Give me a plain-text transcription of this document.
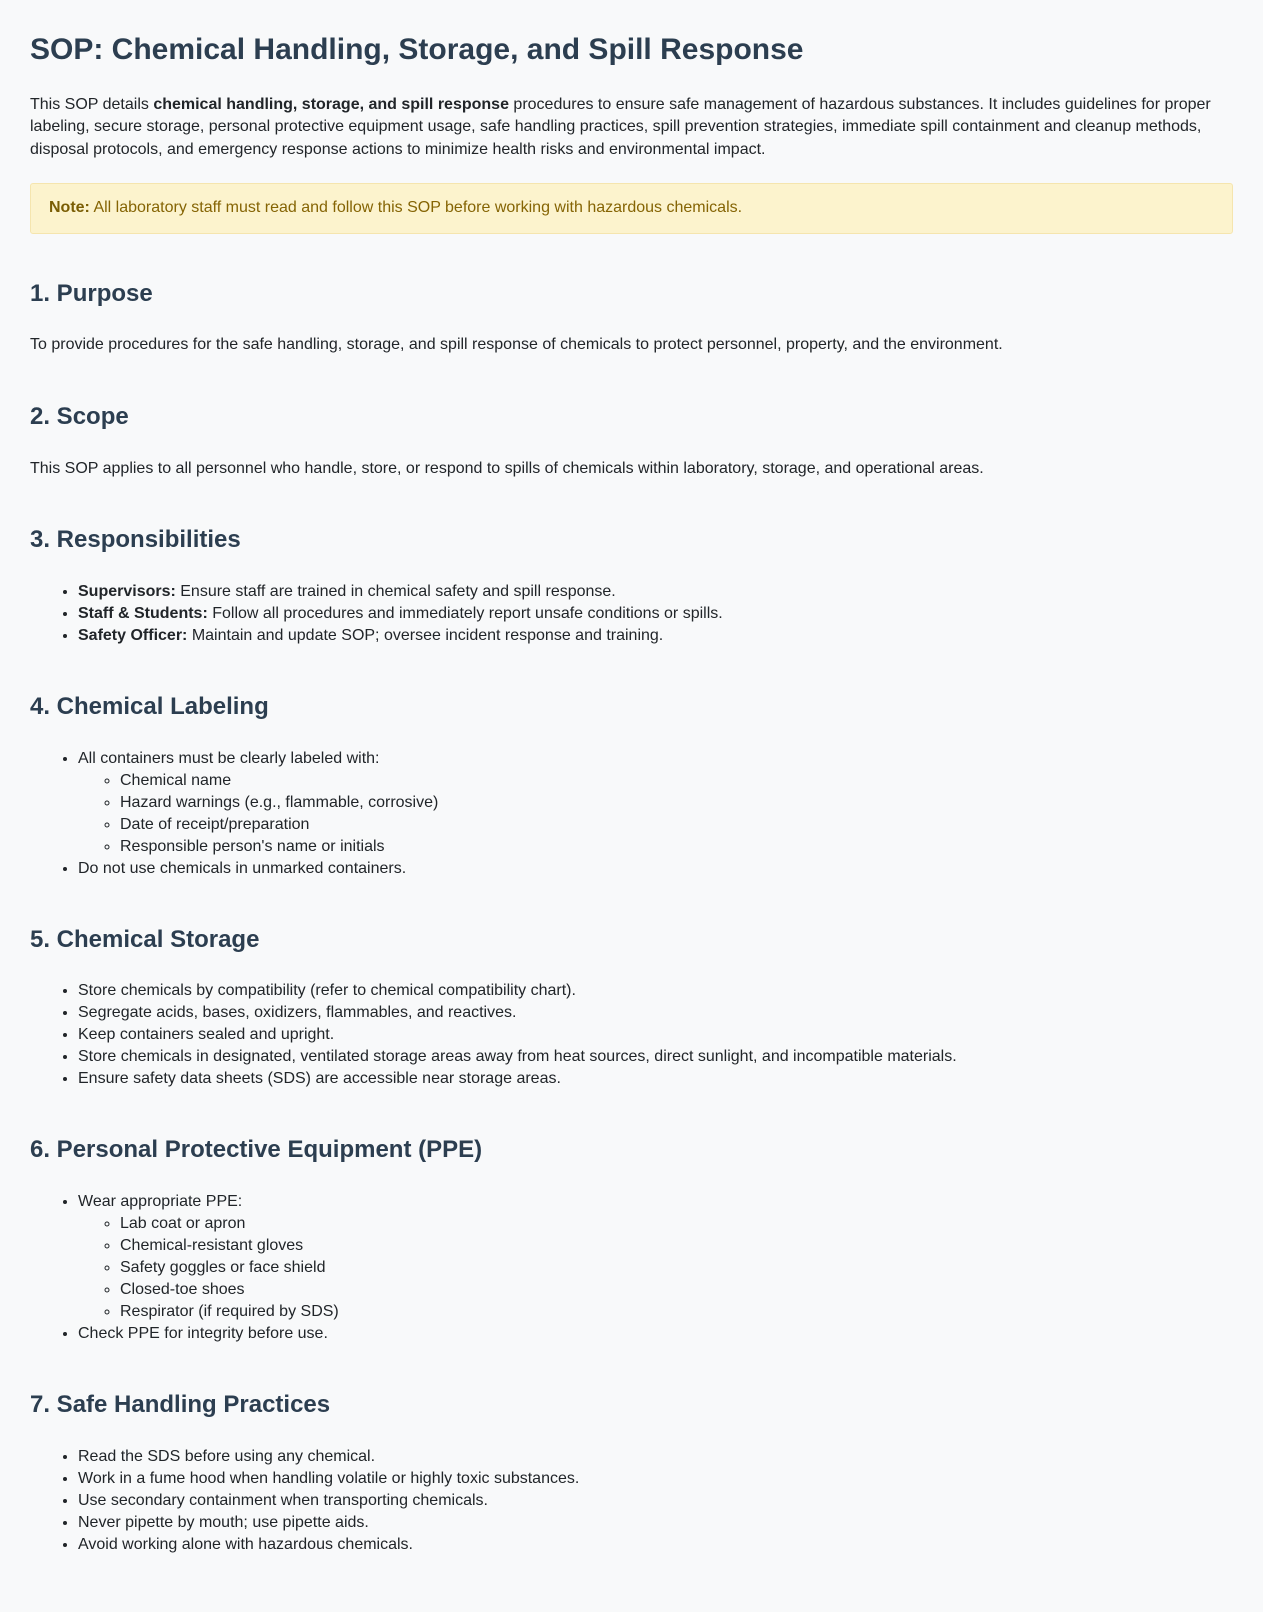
SOP: Chemical Handling, Storage, and Spill Response

This SOP details chemical handling, storage, and spill response procedures to ensure safe management of hazardous substances. It includes guidelines for proper labeling, secure storage, personal protective equipment usage, safe handling practices, spill prevention strategies, immediate spill containment and cleanup methods, disposal protocols, and emergency response actions to minimize health risks and environmental impact.

Note: All laboratory staff must read and follow this SOP before working with hazardous chemicals.
1. Purpose

To provide procedures for the safe handling, storage, and spill response of chemicals to protect personnel, property, and the environment.

2. Scope

This SOP applies to all personnel who handle, store, or respond to spills of chemicals within laboratory, storage, and operational areas.

3. Responsibilities
• Supervisors: Ensure staff are trained in chemical safety and spill response.
• Staff & Students: Follow all procedures and immediately report unsafe conditions or spills.
• Safety Officer: Maintain and update SOP; oversee incident response and training.
4. Chemical Labeling
• All containers must be clearly labeled with:
◦ Chemical name
◦ Hazard warnings (e.g., flammable, corrosive)
◦ Date of receipt/preparation
◦ Responsible person's name or initials
• Do not use chemicals in unmarked containers.
5. Chemical Storage
• Store chemicals by compatibility (refer to chemical compatibility chart).
• Segregate acids, bases, oxidizers, flammables, and reactives.
• Keep containers sealed and upright.
• Store chemicals in designated, ventilated storage areas away from heat sources, direct sunlight, and incompatible materials.
• Ensure safety data sheets (SDS) are accessible near storage areas.
6. Personal Protective Equipment (PPE)
• Wear appropriate PPE:
◦ Lab coat or apron
◦ Chemical-resistant gloves
◦ Safety goggles or face shield
◦ Closed-toe shoes
◦ Respirator (if required by SDS)
• Check PPE for integrity before use.
7. Safe Handling Practices
• Read the SDS before using any chemical.
• Work in a fume hood when handling volatile or highly toxic substances.
• Use secondary containment when transporting chemicals.
• Never pipette by mouth; use pipette aids.
• Avoid working alone with hazardous chemicals.
